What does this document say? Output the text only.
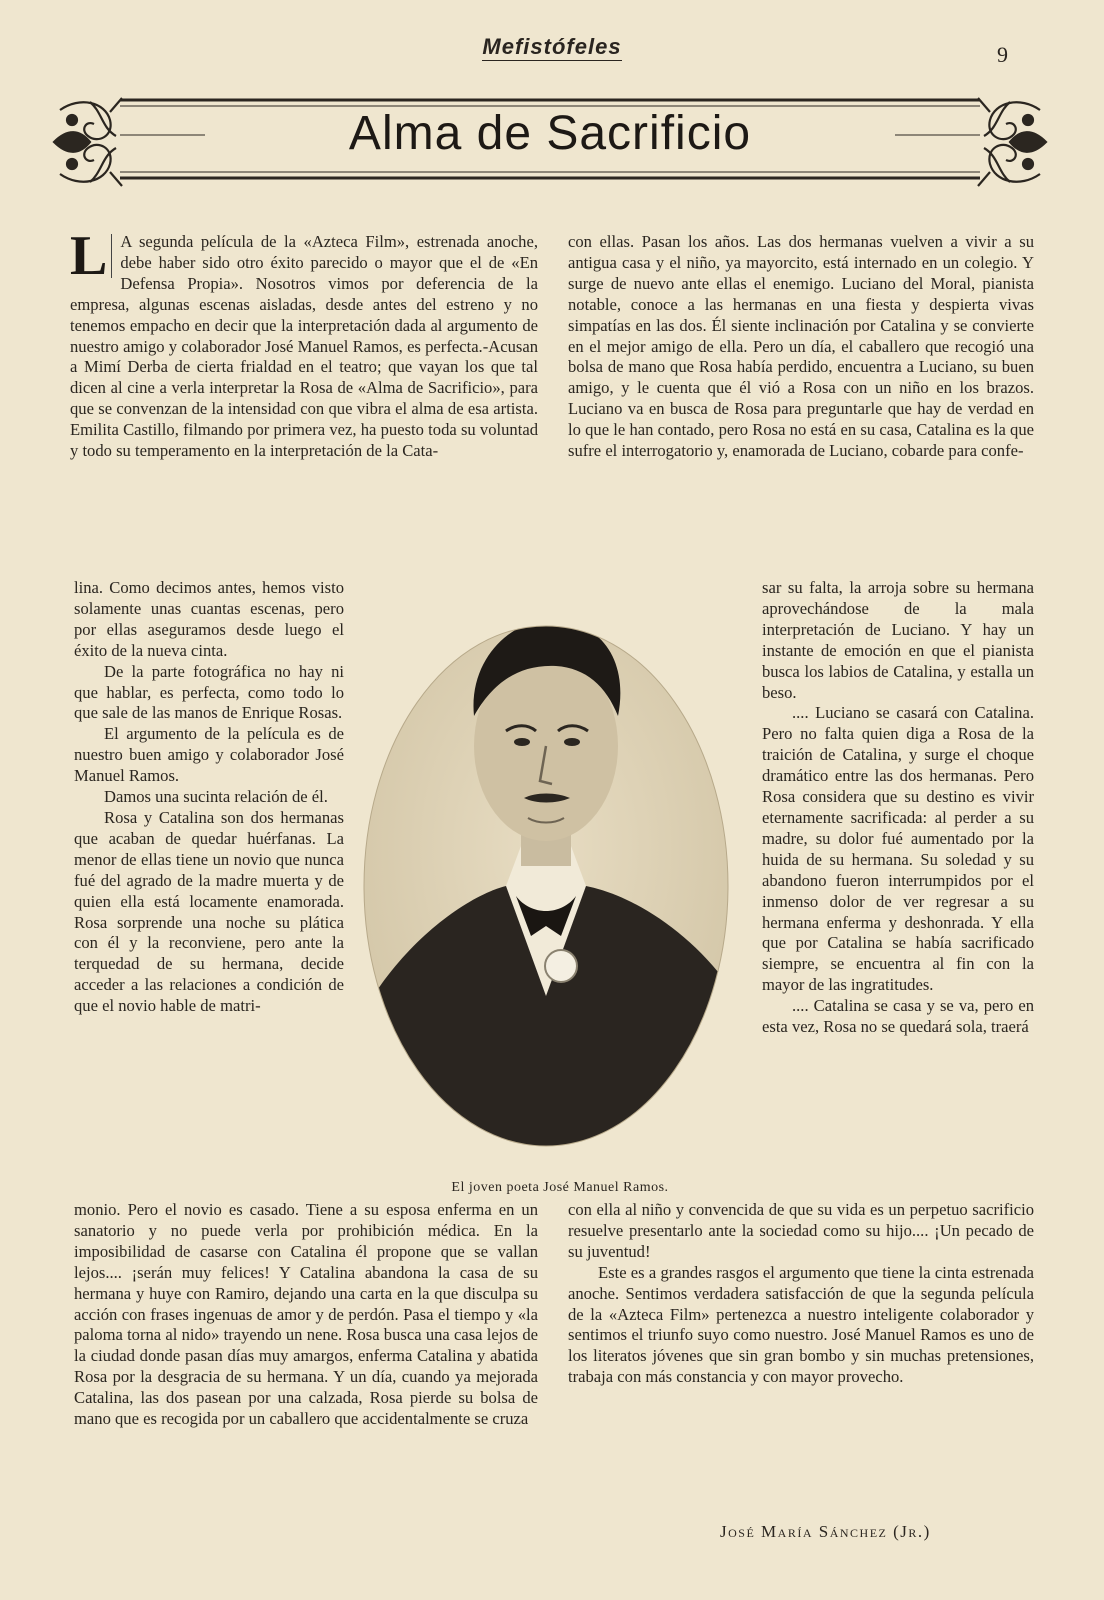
Mefistófeles	9
Alma de Sacrificio

L A segunda película de la «Azteca Film», estrenada anoche, debe haber sido otro éxito parecido o mayor que el de «En Defensa Propia». Nosotros vimos por deferencia de la empresa, algunas escenas aisladas, desde antes del estreno y no tenemos empacho en decir que la interpretación dada al argumento de nuestro amigo y colaborador José Manuel Ramos, es perfecta.-Acusan a Mimí Derba de cierta frialdad en el teatro; que vayan los que tal dicen al cine a verla interpretar la Rosa de «Alma de Sacrificio», para que se convenzan de la intensidad con que vibra el alma de esa artista. Emilita Castillo, filmando por primera vez, ha puesto toda su voluntad y todo su temperamento en la interpretación de la Cata-

lina. Como decimos antes, hemos visto solamente unas cuantas escenas, pero por ellas aseguramos desde luego el éxito de la nueva cinta.

De la parte fotográfica no hay ni que hablar, es perfecta, como todo lo que sale de las manos de Enrique Rosas.

El argumento de la película es de nuestro buen amigo y colaborador José Manuel Ramos.

Damos una sucinta relación de él.

Rosa y Catalina son dos hermanas que acaban de quedar huérfanas. La menor de ellas tiene un novio que nunca fué del agrado de la madre muerta y de quien ella está locamente enamorada. Rosa sorprende una noche su plática con él y la reconviene, pero ante la terquedad de su hermana, decide acceder a las relaciones a condición de que el novio hable de matri-

El joven poeta José Manuel Ramos.

monio. Pero el novio es casado. Tiene a su esposa enferma en un sanatorio y no puede verla por prohibición médica. En la imposibilidad de casarse con Catalina él propone que se vallan lejos.... ¡serán muy felices! Y Catalina abandona la casa de su hermana y huye con Ramiro, dejando una carta en la que disculpa su acción con frases ingenuas de amor y de perdón. Pasa el tiempo y «la paloma torna al nido» trayendo un nene. Rosa busca una casa lejos de la ciudad donde pasan días muy amargos, enferma Catalina y abatida Rosa por la desgracia de su hermana. Y un día, cuando ya mejorada Catalina, las dos pasean por una calzada, Rosa pierde su bolsa de mano que es recogida por un caballero que accidentalmente se cruza

con ellas. Pasan los años. Las dos hermanas vuelven a vivir a su antigua casa y el niño, ya mayorcito, está internado en un colegio. Y surge de nuevo ante ellas el enemigo. Luciano del Moral, pianista notable, conoce a las hermanas en una fiesta y despierta vivas simpatías en las dos. Él siente inclinación por Catalina y se convierte en el mejor amigo de ella. Pero un día, el caballero que recogió una bolsa de mano que Rosa había perdido, encuentra a Luciano, su buen amigo, y le cuenta que él vió a Rosa con un niño en los brazos. Luciano va en busca de Rosa para preguntarle que hay de verdad en lo que le han contado, pero Rosa no está en su casa, Catalina es la que sufre el interrogatorio y, enamorada de Luciano, cobarde para confe-

sar su falta, la arroja sobre su hermana aprovechándose de la mala interpretación de Luciano. Y hay un instante de emoción en que el pianista busca los labios de Catalina, y estalla un beso.

.... Luciano se casará con Catalina. Pero no falta quien diga a Rosa de la traición de Catalina, y surge el choque dramático entre las dos hermanas. Pero Rosa considera que su destino es vivir eternamente sacrificada: al perder a su madre, su dolor fué aumentado por la huida de su hermana. Su soledad y su abandono fueron interrumpidos por el inmenso dolor de ver regresar a su hermana enferma y deshonrada. Y ella que por Catalina se había sacrificado siempre, se encuentra al fin con la mayor de las ingratitudes.

.... Catalina se casa y se va, pero en esta vez, Rosa no se quedará sola, traerá

con ella al niño y convencida de que su vida es un perpetuo sacrificio resuelve presentarlo ante la sociedad como su hijo.... ¡Un pecado de su juventud!

Este es a grandes rasgos el argumento que tiene la cinta estrenada anoche. Sentimos verdadera satisfacción de que la segunda película de la «Azteca Film» pertenezca a nuestro inteligente colaborador y sentimos el triunfo suyo como nuestro. José Manuel Ramos es uno de los literatos jóvenes que sin gran bombo y sin muchas pretensiones, trabaja con más constancia y con mayor provecho.

José María Sánchez (Jr.)
